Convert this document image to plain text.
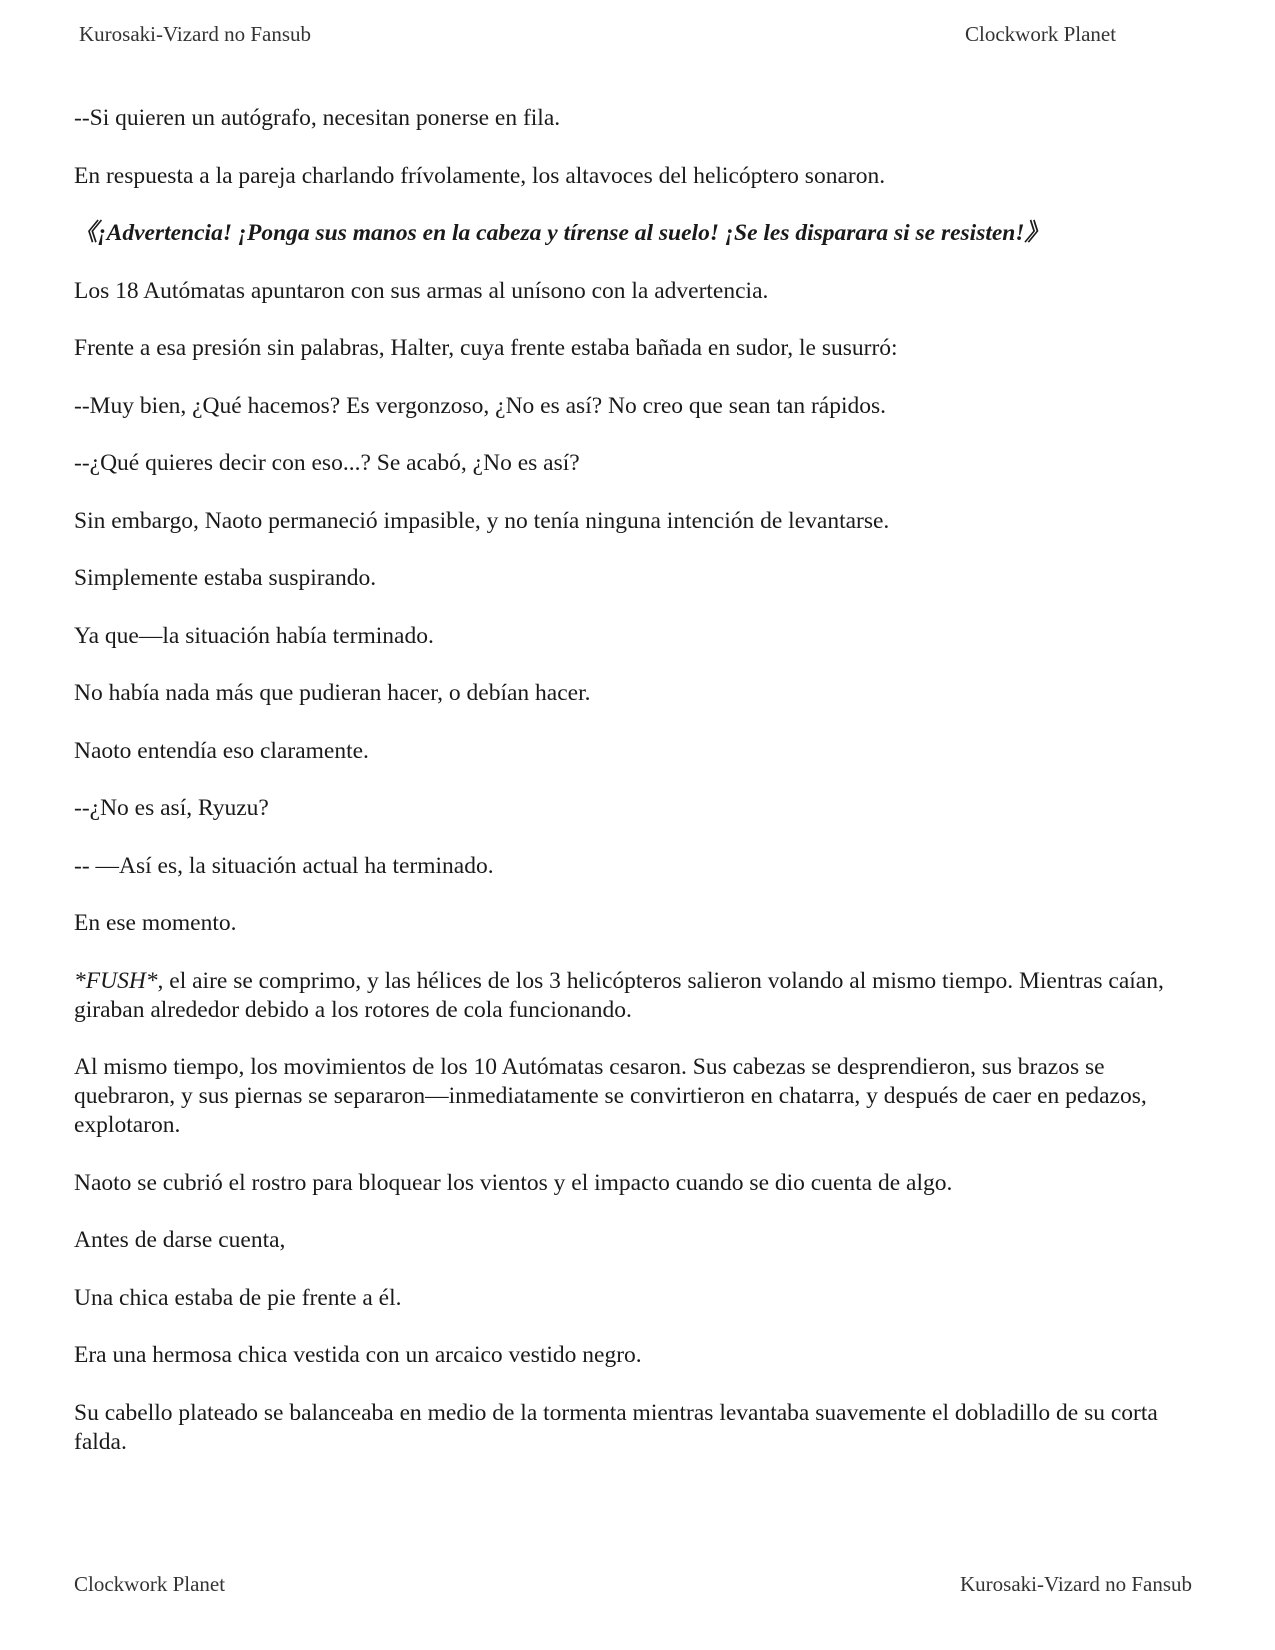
Kurosaki-Vizard no Fansub	Clockwork Planet

--Si quieren un autógrafo, necesitan ponerse en fila.

En respuesta a la pareja charlando frívolamente, los altavoces del helicóptero sonaron.

《¡Advertencia! ¡Ponga sus manos en la cabeza y tírense al suelo! ¡Se les disparara si se resisten!》

Los 18 Autómatas apuntaron con sus armas al unísono con la advertencia.

Frente a esa presión sin palabras, Halter, cuya frente estaba bañada en sudor, le susurró:

--Muy bien, ¿Qué hacemos? Es vergonzoso, ¿No es así? No creo que sean tan rápidos.

--¿Qué quieres decir con eso...? Se acabó, ¿No es así?

Sin embargo, Naoto permaneció impasible, y no tenía ninguna intención de levantarse.

Simplemente estaba suspirando.

Ya que—la situación había terminado.

No había nada más que pudieran hacer, o debían hacer.

Naoto entendía eso claramente.

--¿No es así, Ryuzu?

-- —Así es, la situación actual ha terminado.

En ese momento.

*FUSH*, el aire se comprimo, y las hélices de los 3 helicópteros salieron volando al mismo tiempo. Mientras caían, giraban alrededor debido a los rotores de cola funcionando.

Al mismo tiempo, los movimientos de los 10 Autómatas cesaron. Sus cabezas se desprendieron, sus brazos se quebraron, y sus piernas se separaron—inmediatamente se convirtieron en chatarra, y después de caer en pedazos, explotaron.

Naoto se cubrió el rostro para bloquear los vientos y el impacto cuando se dio cuenta de algo.

Antes de darse cuenta,

Una chica estaba de pie frente a él.

Era una hermosa chica vestida con un arcaico vestido negro.

Su cabello plateado se balanceaba en medio de la tormenta mientras levantaba suavemente el dobladillo de su corta falda.

Clockwork Planet	Kurosaki-Vizard no Fansub
